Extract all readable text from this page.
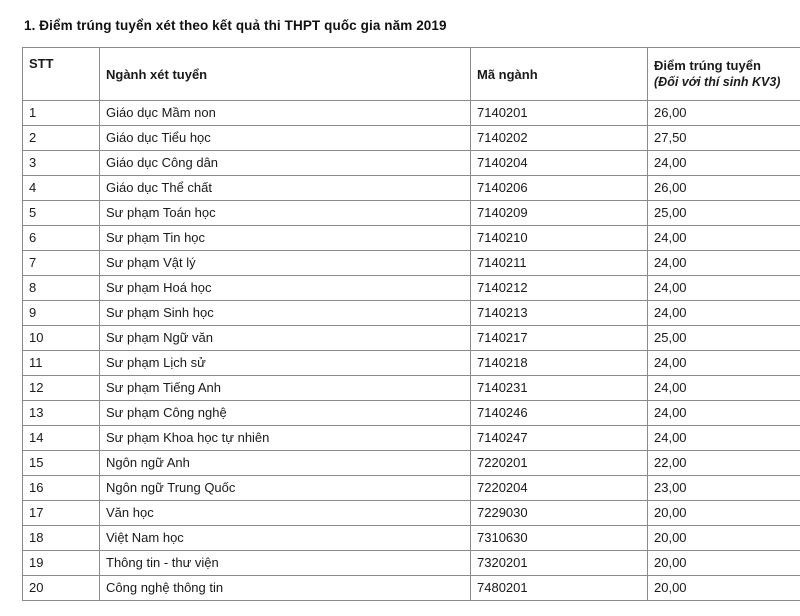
1. Điểm trúng tuyển xét theo kết quả thi THPT quốc gia năm 2019
STT	Ngành xét tuyển	Mã ngành	Điểm trúng tuyển
(Đối với thí sinh KV3)

1	Giáo dục Mầm non	7140201	26,00
2	Giáo dục Tiểu học	7140202	27,50
3	Giáo dục Công dân	7140204	24,00
4	Giáo dục Thể chất	7140206	26,00
5	Sư phạm Toán học	7140209	25,00
6	Sư phạm Tin học	7140210	24,00
7	Sư phạm Vật lý	7140211	24,00
8	Sư phạm Hoá học	7140212	24,00
9	Sư phạm Sinh học	7140213	24,00
10	Sư phạm Ngữ văn	7140217	25,00
11	Sư phạm Lịch sử	7140218	24,00
12	Sư phạm Tiếng Anh	7140231	24,00
13	Sư phạm Công nghệ	7140246	24,00
14	Sư phạm Khoa học tự nhiên	7140247	24,00
15	Ngôn ngữ Anh	7220201	22,00
16	Ngôn ngữ Trung Quốc	7220204	23,00
17	Văn học	7229030	20,00
18	Việt Nam học	7310630	20,00
19	Thông tin - thư viện	7320201	20,00
20	Công nghệ thông tin	7480201	20,00
